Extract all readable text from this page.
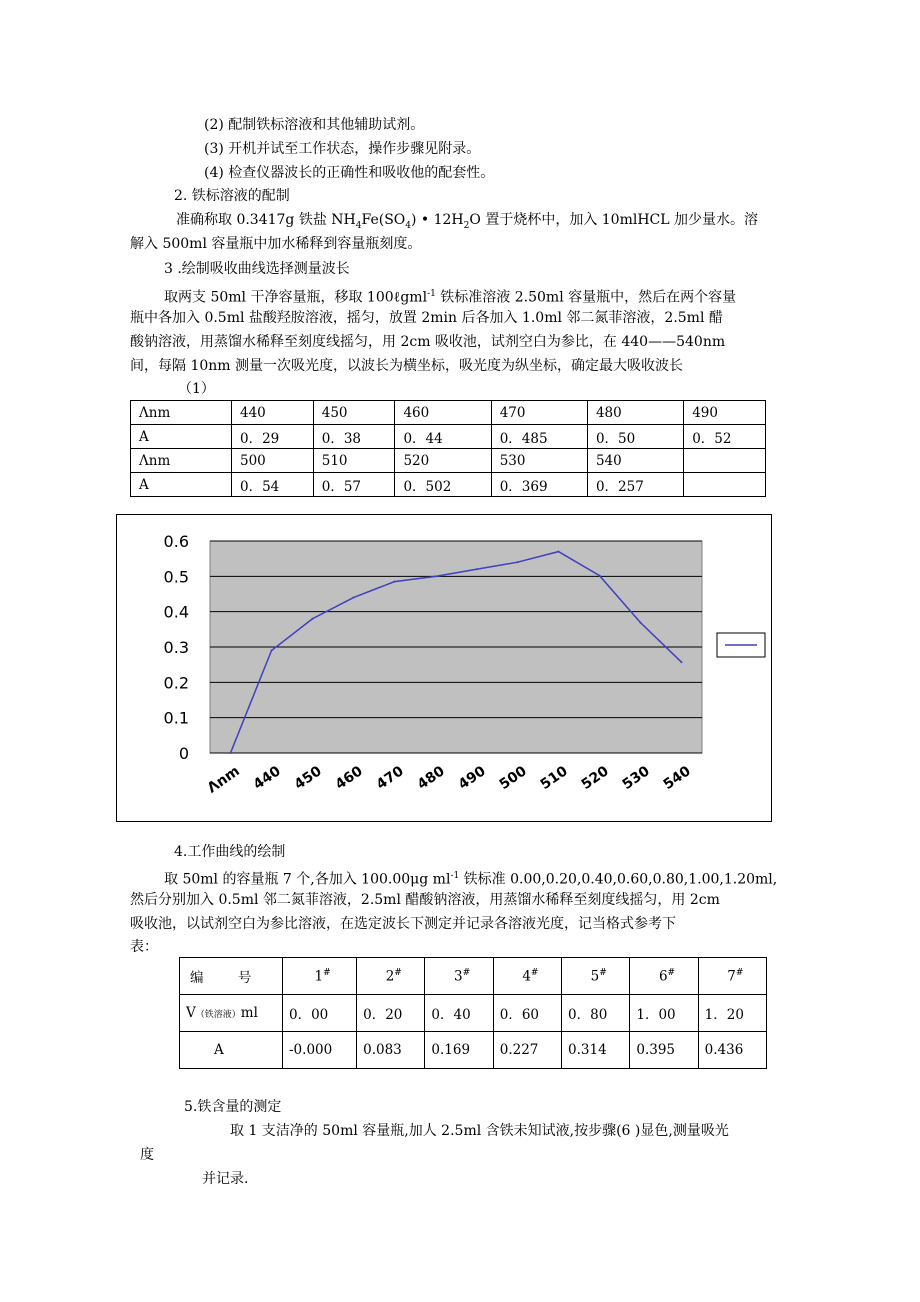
(2) 配制铁标溶液和其他辅助试剂。
(3) 开机并试至工作状态，操作步骤见附录。
(4) 检查仪器波长的正确性和吸收他的配套性。
2. 铁标溶液的配制
准确称取 0.3417g 铁盐 $NH_4Fe(SO_4)$ • $12H_2O$ 置于烧杯中，加入 10mlHCL 加少量水。溶
解入 500ml 容量瓶中加水稀释到容量瓶刻度。
3 .绘制吸收曲线选择测量波长
取两支 50ml 干净容量瓶，移取 100ℓgml$^{-1}$ 铁标准溶液 2.50ml 容量瓶中，然后在两个容量
瓶中各加入 0.5ml 盐酸羟胺溶液，摇匀，放置 2min 后各加入 1.0ml 邻二氮菲溶液，2.5ml 醋
酸钠溶液，用蒸馏水稀释至刻度线摇匀，用 2cm 吸收池，试剂空白为参比，在 440——540nm
间，每隔 10nm 测量一次吸光度，以波长为横坐标，吸光度为纵坐标，确定最大吸收波长
（1）
Λnm	440	450	460	470	480	490
A	0．29	0．38	0．44	0．485	0．50	0．52
Λnm	500	510	520	530	540	
A	0．54	0．57	0．502	0．369	0．257	
0
0.1
0.2
0.3
0.4
0.5
0.6
Λnm 440 450 460 470 480 490 500 510 520 530 540
4.工作曲线的绘制
取 50ml 的容量瓶 7 个,各加入 100.00μg $ml^{-1}$ 铁标准 0.00,0.20,0.40,0.60,0.80,1.00,1.20ml,
然后分别加入 0.5ml 邻二氮菲溶液，2.5ml 醋酸钠溶液，用蒸馏水稀释至刻度线摇匀，用 2cm
吸收池，以试剂空白为参比溶液，在选定波长下测定并记录各溶液光度，记当格式参考下
表：
编        号	1#	2#	3#	4#	5#	6#	7#
V（铁溶液）ml	0．00	0．20	0．40	0．60	0．80	1．00	1．20
A	-0.000	0.083	0.169	0.227	0.314	0.395	0.436
5.铁含量的测定
取 1 支洁净的 50ml 容量瓶,加人 2.5ml 含铁未知试液,按步骤(6 )显色,测量吸光
度
并记录.
